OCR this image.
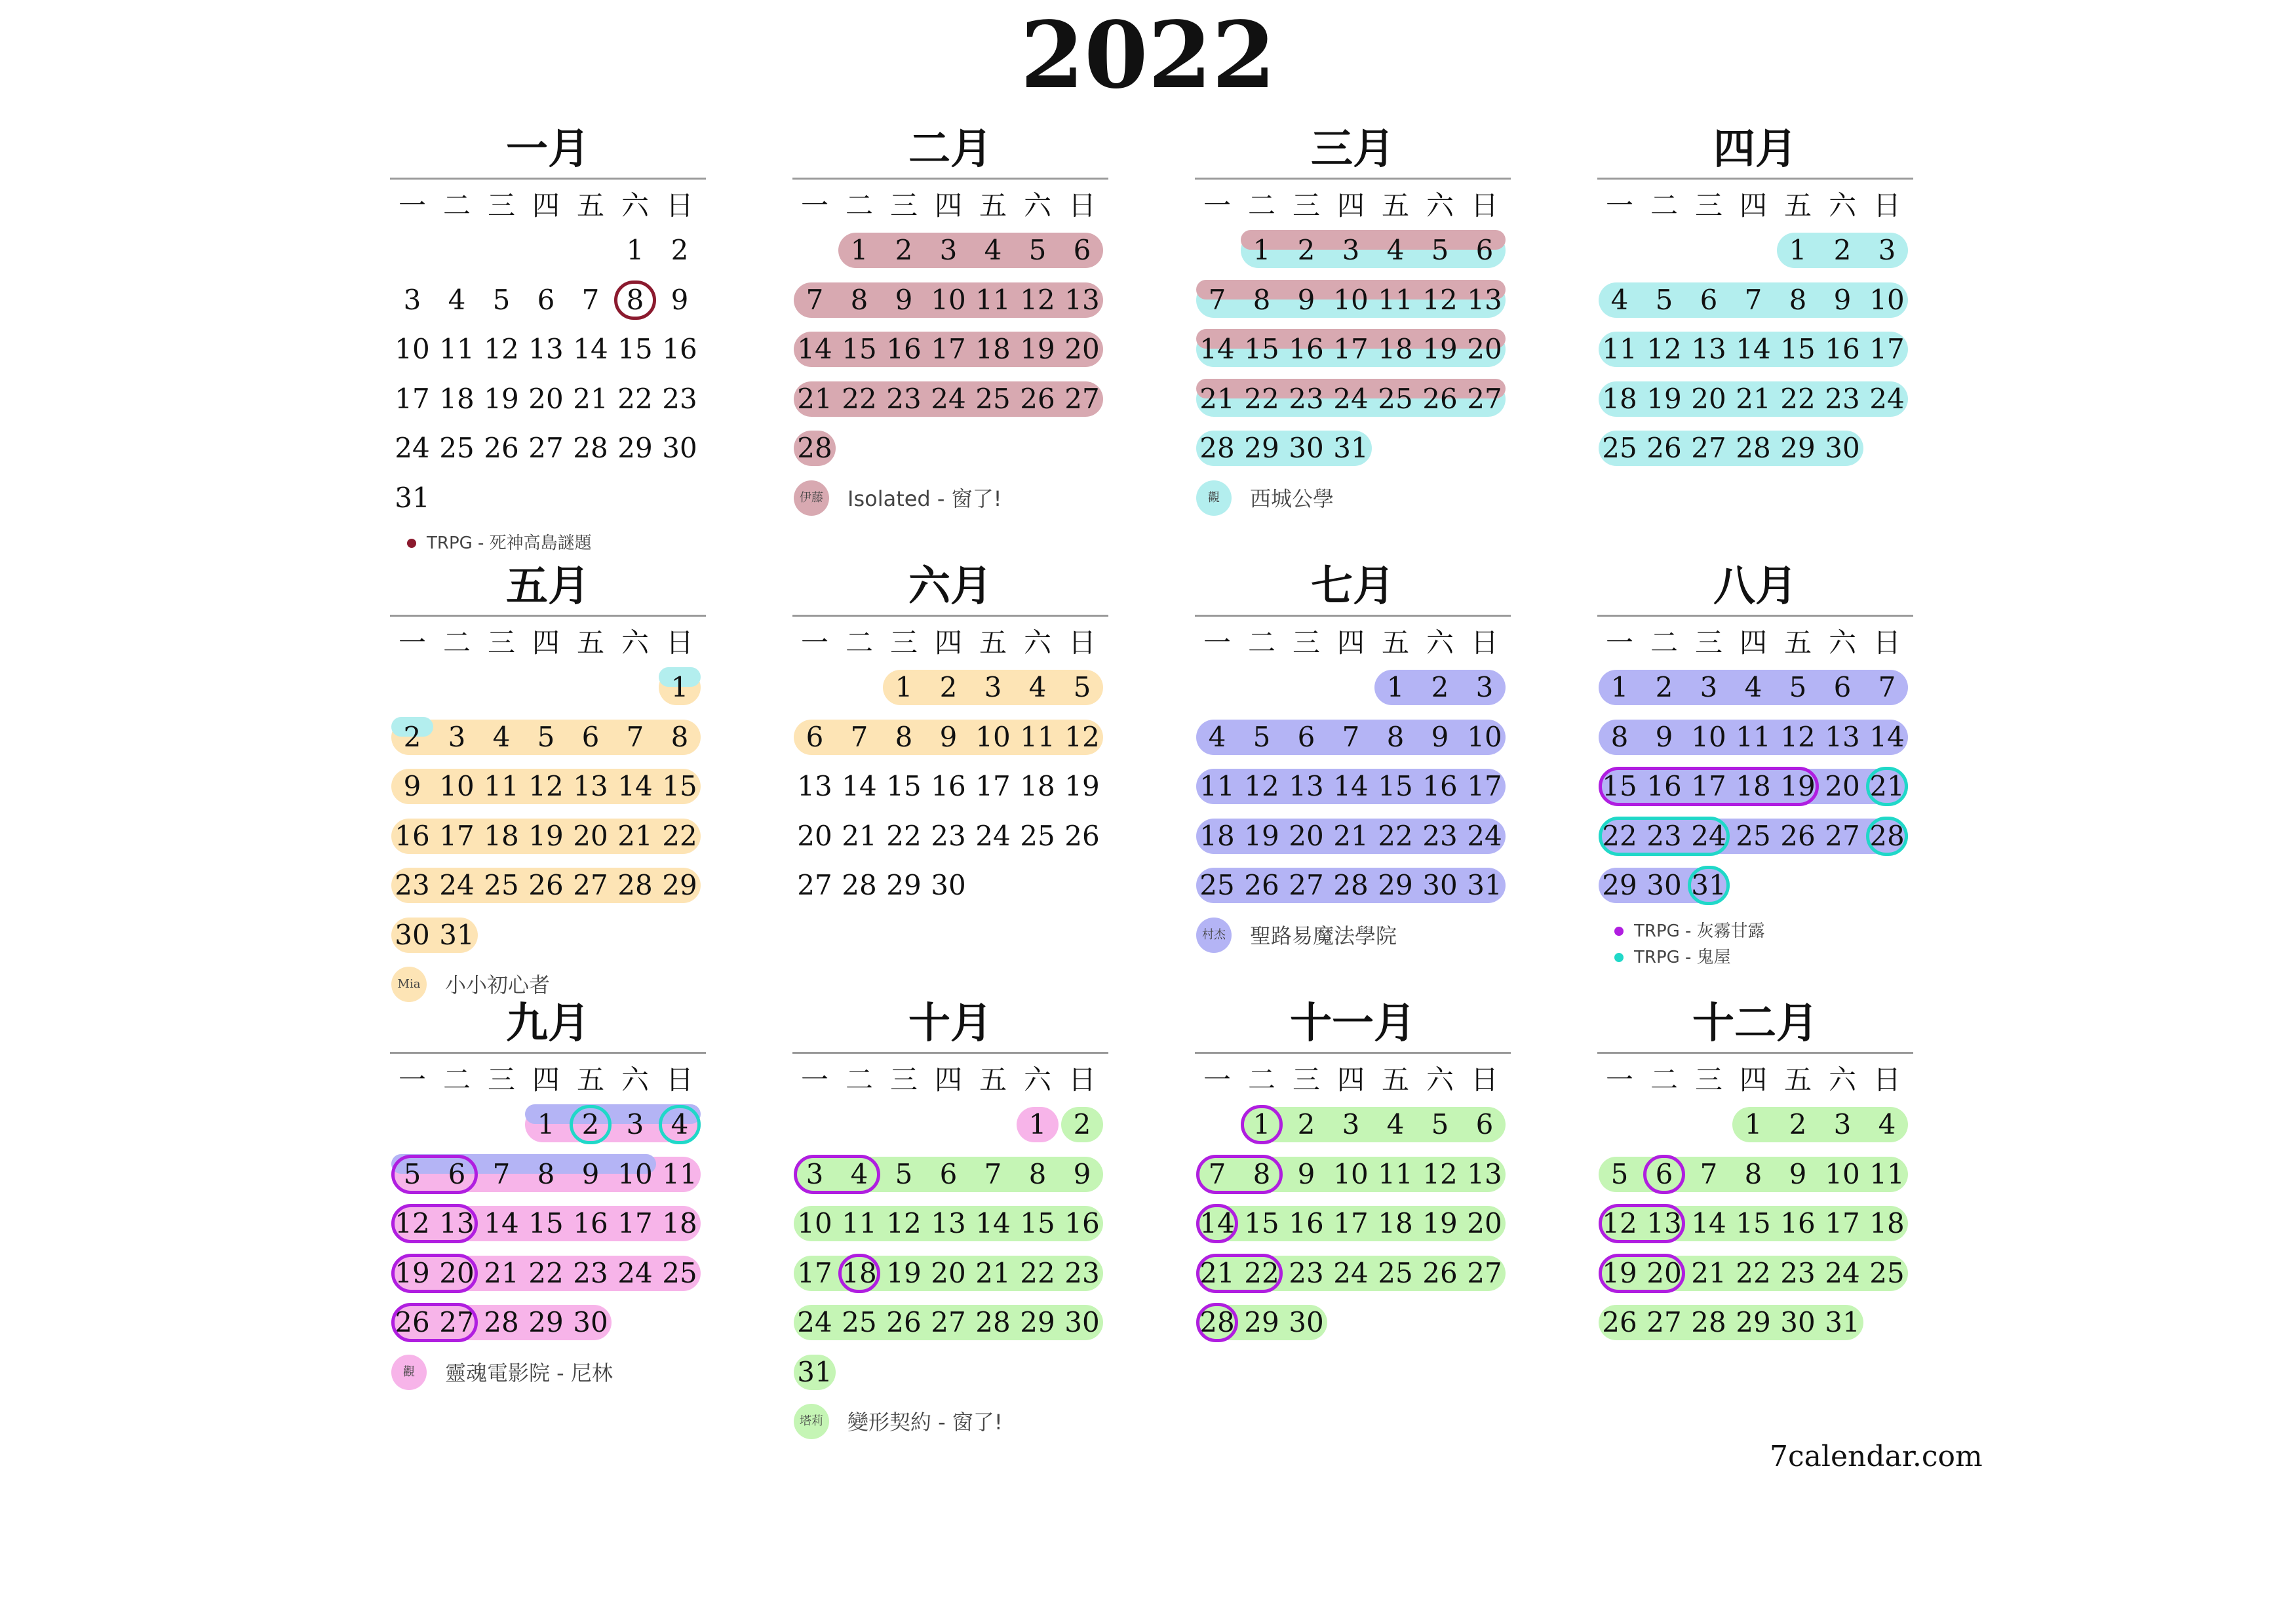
2022
一月
一 二 三 四 五 六 日
1 2
3 4 5 6 7 8 9
10 11 12 13 14 15 16
17 18 19 20 21 22 23
24 25 26 27 28 29 30
31
TRPG - 死神高島謎題
二月
一 二 三 四 五 六 日
1 2 3 4 5 6
7 8 9 10 11 12 13
14 15 16 17 18 19 20
21 22 23 24 25 26 27
28
伊藤 Isolated - 窗了!
三月
一 二 三 四 五 六 日
1 2 3 4 5 6
7 8 9 10 11 12 13
14 15 16 17 18 19 20
21 22 23 24 25 26 27
28 29 30 31
觀	西城公學
四月
一 二 三 四 五 六 日
1 2 3
4 5 6 7 8 9 10
11 12 13 14 15 16 17
18 19 20 21 22 23 24
25 26 27 28 29 30
五月
一 二 三 四 五 六 日
1
2 3 4 5 6 7 8
9 10 11 12 13 14 15
16 17 18 19 20 21 22
23 24 25 26 27 28 29
30 31
Mia 小小初心者
六月
一 二 三 四 五 六 日
1 2 3 4 5
6 7 8 9 10 11 12
13 14 15 16 17 18 19
20 21 22 23 24 25 26
27 28 29 30
七月
一 二 三 四 五 六 日
1 2 3
4 5 6 7 8 9 10
11 12 13 14 15 16 17
18 19 20 21 22 23 24
25 26 27 28 29 30 31
村杰 聖路易魔法學院
八月
一 二 三 四 五 六 日
1 2 3 4 5 6 7
8 9 10 11 12 13 14
15 16 17 18 19 20 21
22 23 24 25 26 27 28
29 30 31
TRPG - 灰霧甘露
TRPG - 鬼屋
九月
一 二 三 四 五 六 日
1 2 3 4
5 6 7 8 9 10 11
12 13 14 15 16 17 18
19 20 21 22 23 24 25
26 27 28 29 30
觀	靈魂電影院 - 尼林
十月
一 二 三 四 五 六 日
1 2
3 4 5 6 7 8 9
10 11 12 13 14 15 16
17 18 19 20 21 22 23
24 25 26 27 28 29 30
31
塔莉 變形契約 - 窗了!
十一月
一 二 三 四 五 六 日
1 2 3 4 5 6
7 8 9 10 11 12 13
14 15 16 17 18 19 20
21 22 23 24 25 26 27
28 29 30
十二月
一 二 三 四 五 六 日
1 2 3 4
5 6 7 8 9 10 11
12 13 14 15 16 17 18
19 20 21 22 23 24 25
26 27 28 29 30 31
7calendar.com
